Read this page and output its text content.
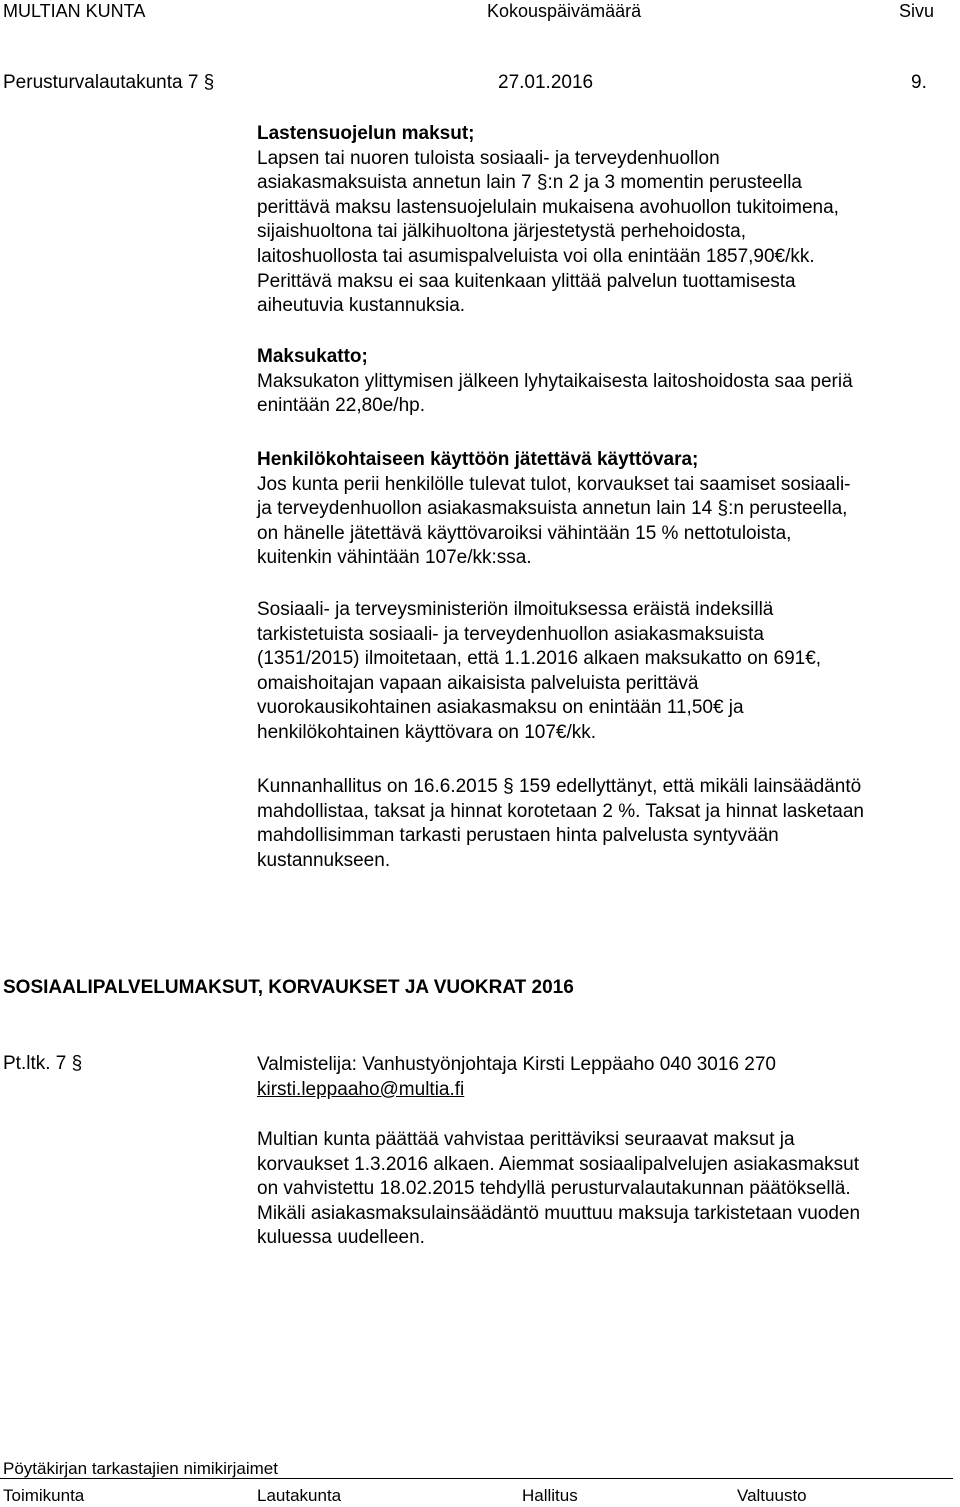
MULTIAN KUNTA	Kokouspäivämäärä	Sivu
Perusturvalautakunta 7 §	27.01.2016	9.
Lastensuojelun maksut;
Lapsen tai nuoren tuloista sosiaali- ja terveydenhuollon
asiakasmaksuista annetun lain 7 §:n 2 ja 3 momentin perusteella
perittävä maksu lastensuojelulain mukaisena avohuollon tukitoimena,
sijaishuoltona tai jälkihuoltona järjestetystä perhehoidosta,
laitoshuollosta tai asumispalveluista voi olla enintään 1857,90€/kk.
Perittävä maksu ei saa kuitenkaan ylittää palvelun tuottamisesta
aiheutuvia kustannuksia.
Maksukatto;
Maksukaton ylittymisen jälkeen lyhytaikaisesta laitoshoidosta saa periä
enintään 22,80e/hp.
Henkilökohtaiseen käyttöön jätettävä käyttövara;
Jos kunta perii henkilölle tulevat tulot, korvaukset tai saamiset sosiaali-
ja terveydenhuollon asiakasmaksuista annetun lain 14 §:n perusteella,
on hänelle jätettävä käyttövaroiksi vähintään 15 % nettotuloista,
kuitenkin vähintään 107e/kk:ssa.
Sosiaali- ja terveysministeriön ilmoituksessa eräistä indeksillä
tarkistetuista sosiaali- ja terveydenhuollon asiakasmaksuista
(1351/2015) ilmoitetaan, että 1.1.2016 alkaen maksukatto on 691€,
omaishoitajan vapaan aikaisista palveluista perittävä
vuorokausikohtainen asiakasmaksu on enintään 11,50€ ja
henkilökohtainen käyttövara on 107€/kk.
Kunnanhallitus on 16.6.2015 § 159 edellyttänyt, että mikäli lainsäädäntö
mahdollistaa, taksat ja hinnat korotetaan 2 %. Taksat ja hinnat lasketaan
mahdollisimman tarkasti perustaen hinta palvelusta syntyvään
kustannukseen.
SOSIAALIPALVELUMAKSUT, KORVAUKSET JA VUOKRAT 2016
Pt.ltk. 7 §	Valmistelija: Vanhustyönjohtaja Kirsti Leppäaho 040 3016 270
kirsti.leppaaho@multia.fi
Multian kunta päättää vahvistaa perittäviksi seuraavat maksut ja
korvaukset 1.3.2016 alkaen. Aiemmat sosiaalipalvelujen asiakasmaksut
on vahvistettu 18.02.2015 tehdyllä perusturvalautakunnan päätöksellä.
Mikäli asiakasmaksulainsäädäntö muuttuu maksuja tarkistetaan vuoden
kuluessa uudelleen.
Pöytäkirjan tarkastajien nimikirjaimet
Toimikunta	Lautakunta	Hallitus	Valtuusto
